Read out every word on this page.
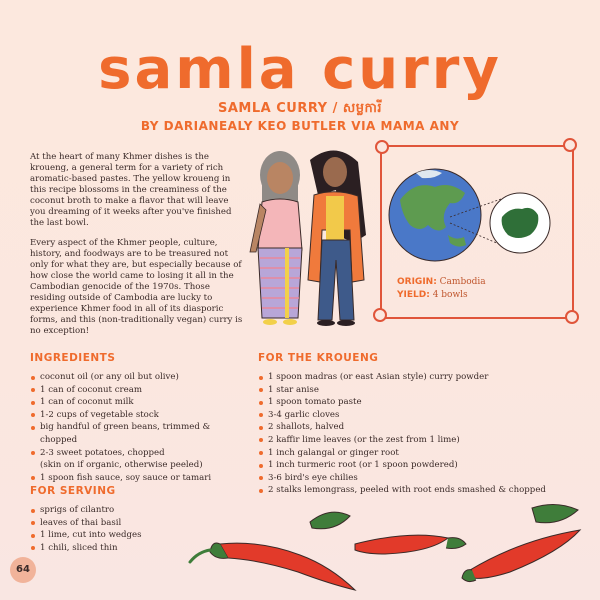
samla curry
SAMLA CURRY / សម្លការី
BY DARIANEALY KEO BUTLER VIA MAMA ANY

At the heart of many Khmer dishes is the kroueng, a general term for a variety of rich aromatic-based pastes. The yellow kroueng in this recipe blossoms in the creaminess of the coconut broth to make a flavor that will leave you dreaming of it weeks after you've finished the last bowl.

Every aspect of the Khmer people, culture, history, and foodways are to be treasured not only for what they are, but especially because of how close the world came to losing it all in the Cambodian genocide of the 1970s. Those residing outside of Cambodia are lucky to experience Khmer food in all of its diasporic forms, and this (non-traditionally vegan) curry is no exception!

ORIGIN: Cambodia
YIELD: 4 bowls
INGREDIENTS
coconut oil (or any oil but olive)
1 can of coconut cream
1 can of coconut milk
1-2 cups of vegetable stock
big handful of green beans, trimmed & chopped
2-3 sweet potatoes, chopped
(skin on if organic, otherwise peeled)
1 spoon fish sauce, soy sauce or tamari
FOR SERVING
sprigs of cilantro
leaves of thai basil
1 lime, cut into wedges
1 chili, sliced thin
FOR THE KROUENG
1 spoon madras (or east Asian style) curry powder
1 star anise
1 spoon tomato paste
3-4 garlic cloves
2 shallots, halved
2 kaffir lime leaves (or the zest from 1 lime)
1 inch galangal or ginger root
1 inch turmeric root (or 1 spoon powdered)
3-6 bird's eye chilies
2 stalks lemongrass, peeled with root ends smashed & chopped
64
